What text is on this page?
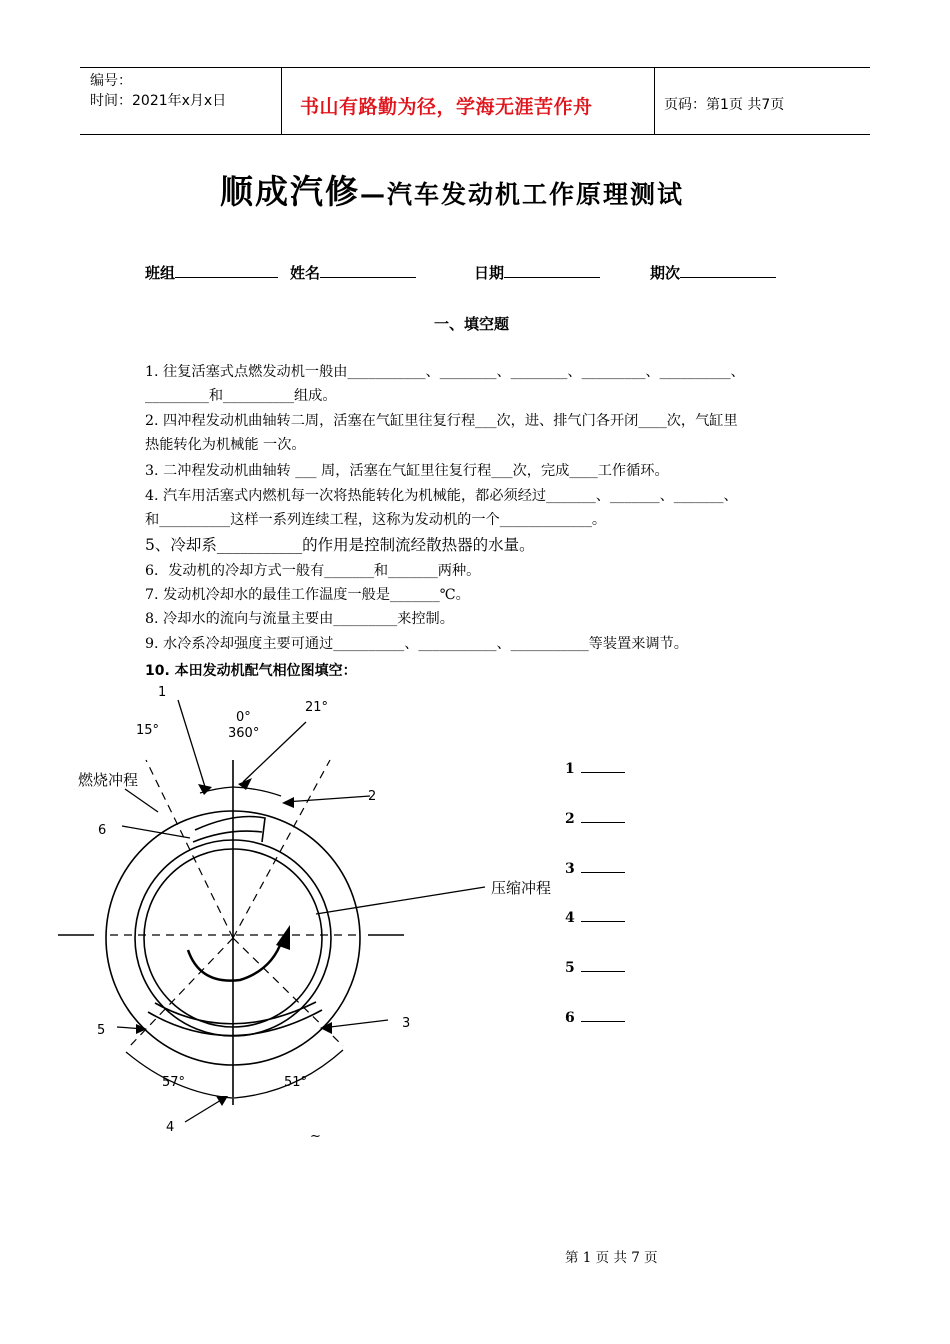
编号：
时间：2021年x月x日	书山有路勤为径，学海无涯苦作舟	页码：第1页 共7页
顺成汽修—汽车发动机工作原理测试
班组	姓名	日期	期次
一、填空题
1. 往复活塞式点燃发动机一般由___________、________、________、_________、__________、
_________和__________组成。
2. 四冲程发动机曲轴转二周，活塞在气缸里往复行程___次，进、排气门各开闭____次，气缸里
热能转化为机械能 一次。
3. 二冲程发动机曲轴转 ___ 周，活塞在气缸里往复行程___次，完成____工作循环。
4. 汽车用活塞式内燃机每一次将热能转化为机械能，都必须经过_______、_______、_______、
和__________这样一系列连续工程，这称为发动机的一个_____________。
5、冷却系___________的作用是控制流经散热器的水量。
6．发动机的冷却方式一般有_______和_______两种。
7. 发动机冷却水的最佳工作温度一般是_______℃。
8. 冷却水的流向与流量主要由_________来控制。
9. 水冷系冷却强度主要可通过__________、___________、___________等装置来调节。
10. 本田发动机配气相位图填空：
1
0°
360°
21°
15°
燃烧冲程
2
6
压缩冲程
5	3
57°	51°
4
~
1
2
3
4
5
6
第 1 页 共 7 页
